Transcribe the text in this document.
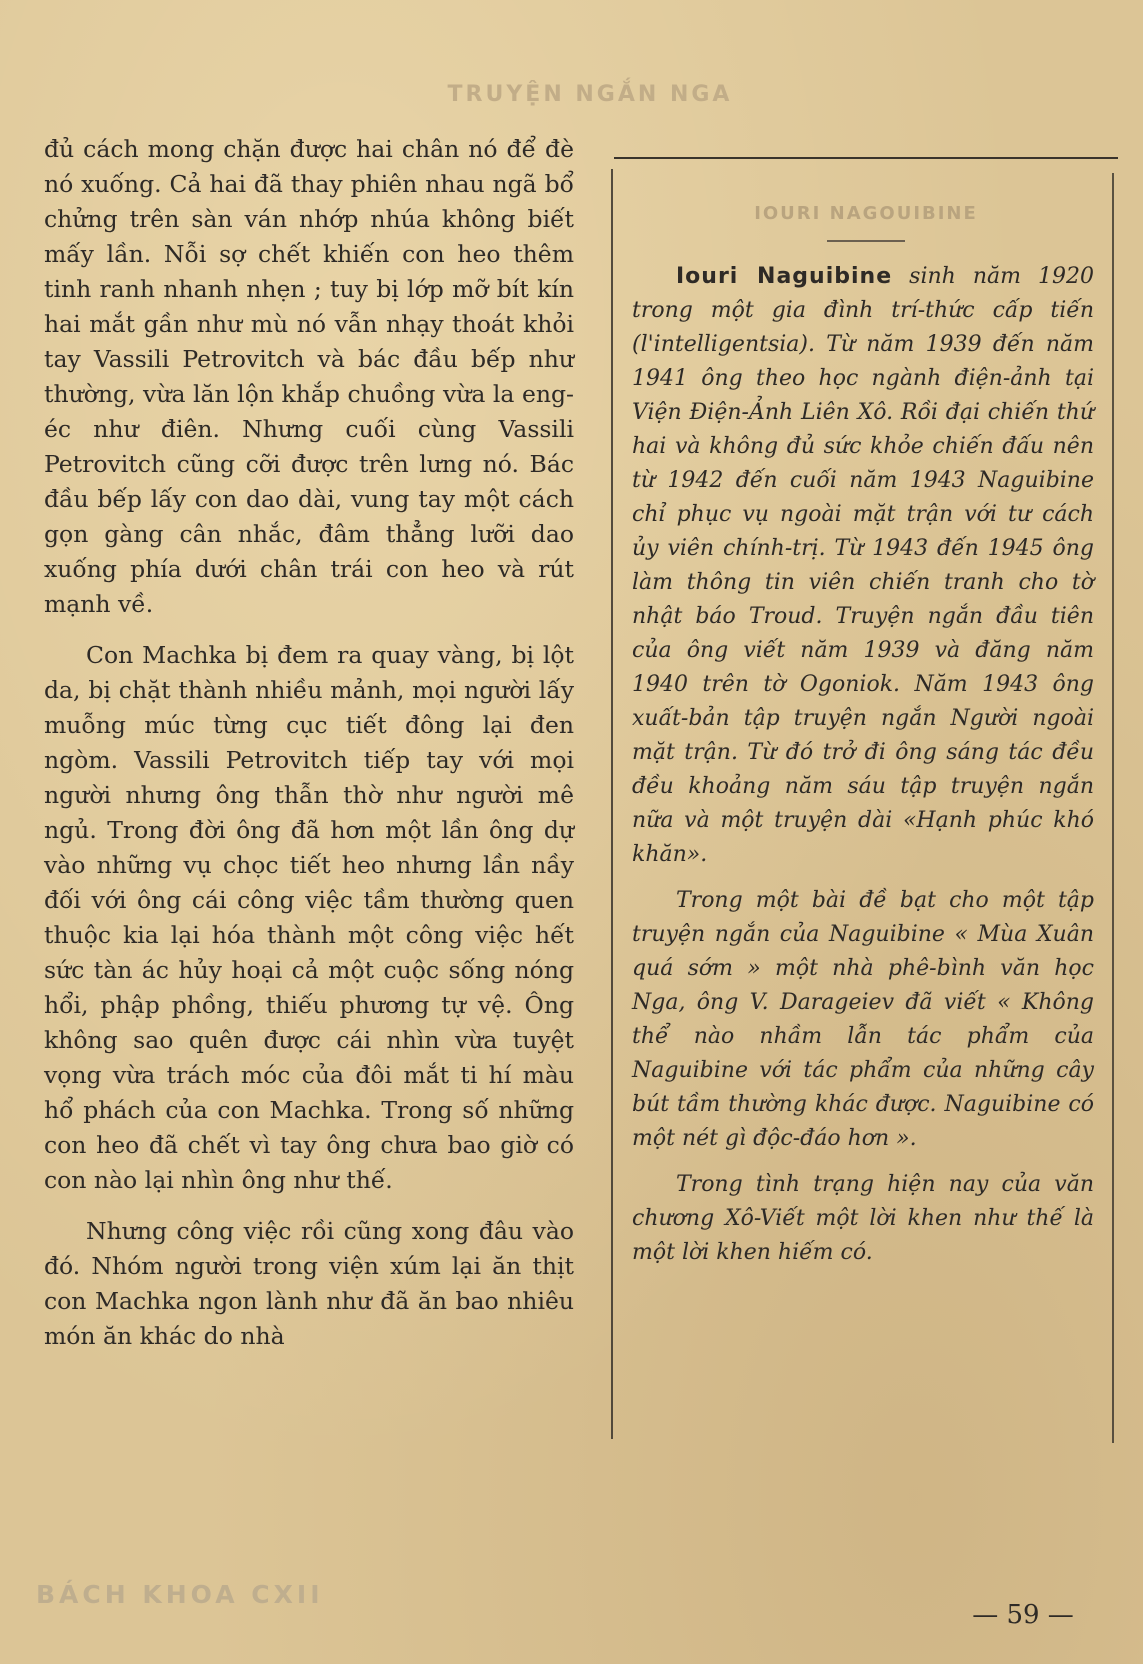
TRUYỆN NGẮN NGA

đủ cách mong chặn được hai chân nó để đè nó xuống. Cả hai đã thay phiên nhau ngã bổ chửng trên sàn ván nhớp nhúa không biết mấy lần. Nỗi sợ chết khiến con heo thêm tinh ranh nhanh nhẹn ; tuy bị lớp mỡ bít kín hai mắt gần như mù nó vẫn nhạy thoát khỏi tay Vassili Petrovitch và bác đầu bếp như thường, vừa lăn lộn khắp chuồng vừa la eng-éc như điên. Nhưng cuối cùng Vassili Petrovitch cũng cỡi được trên lưng nó. Bác đầu bếp lấy con dao dài, vung tay một cách gọn gàng cân nhắc, đâm thẳng lưỡi dao xuống phía dưới chân trái con heo và rút mạnh về.

Con Machka bị đem ra quay vàng, bị lột da, bị chặt thành nhiều mảnh, mọi người lấy muỗng múc từng cục tiết đông lại đen ngòm. Vassili Petrovitch tiếp tay với mọi người nhưng ông thẫn thờ như người mê ngủ. Trong đời ông đã hơn một lần ông dự vào những vụ chọc tiết heo nhưng lần nầy đối với ông cái công việc tầm thường quen thuộc kia lại hóa thành một công việc hết sức tàn ác hủy hoại cả một cuộc sống nóng hổi, phập phồng, thiếu phương tự vệ. Ông không sao quên được cái nhìn vừa tuyệt vọng vừa trách móc của đôi mắt ti hí màu hổ phách của con Machka. Trong số những con heo đã chết vì tay ông chưa bao giờ có con nào lại nhìn ông như thế.

Nhưng công việc rồi cũng xong đâu vào đó. Nhóm người trong viện xúm lại ăn thịt con Machka ngon lành như đã ăn bao nhiêu món ăn khác do nhà

IOURI NAGOUIBINE

Iouri Naguibine sinh năm 1920 trong một gia đình trí-thức cấp tiến (l'intelligentsia). Từ năm 1939 đến năm 1941 ông theo học ngành điện-ảnh tại Viện Điện-Ảnh Liên Xô. Rồi đại chiến thứ hai và không đủ sức khỏe chiến đấu nên từ 1942 đến cuối năm 1943 Naguibine chỉ phục vụ ngoài mặt trận với tư cách ủy viên chính-trị. Từ 1943 đến 1945 ông làm thông tin viên chiến tranh cho tờ nhật báo Troud. Truyện ngắn đầu tiên của ông viết năm 1939 và đăng năm 1940 trên tờ Ogoniok. Năm 1943 ông xuất-bản tập truyện ngắn Người ngoài mặt trận. Từ đó trở đi ông sáng tác đều đều khoảng năm sáu tập truyện ngắn nữa và một truyện dài «Hạnh phúc khó khăn».

Trong một bài đề bạt cho một tập truyện ngắn của Naguibine « Mùa Xuân quá sớm » một nhà phê-bình văn học Nga, ông V. Darageiev đã viết « Không thể nào nhầm lẫn tác phẩm của Naguibine với tác phẩm của những cây bút tầm thường khác được. Naguibine có một nét gì độc-đáo hơn ».

Trong tình trạng hiện nay của văn chương Xô-Viết một lời khen như thế là một lời khen hiếm có.

BÁCH KHOA CXII
— 59 —
